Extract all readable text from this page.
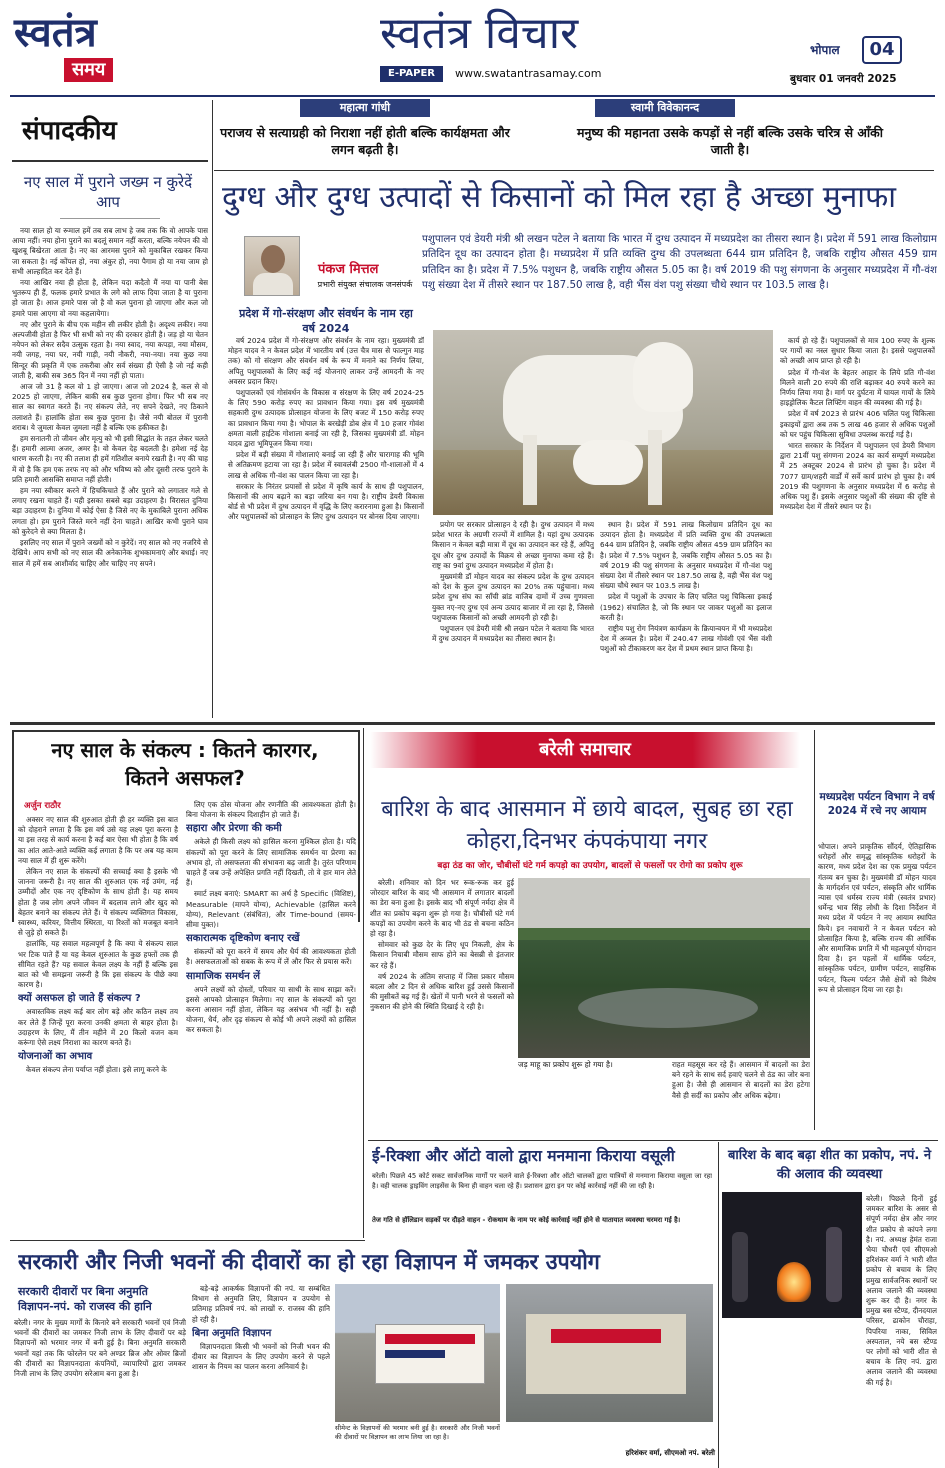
स्वतंत्र
समय
स्वतंत्र विचार
E-PAPER	www.swatantrasamay.com
भोपाल	04
बुधवार 01 जनवरी 2025
महात्मा गांधी
पराजय से सत्याग्रही को निराशा नहीं होती बल्कि कार्यक्षमता और लगन बढ़ती है।
स्वामी विवेकानन्द
मनुष्य की महानता उसके कपड़ों से नहीं बल्कि उसके चरित्र से आँकी जाती है।
संपादकीय
नए साल में पुराने जख्म न कुरेदें आप

नया साल हो या रूमाल हमें तब सब लाभ हे जब तक कि वो आपके पास आया नहीं। नया होना पुराने का बदलूं समान नहीं करता, बल्कि नयेपन की वो खुशबू बिखेरता आता है। नए का आरमस पुराने को मुकाबिल रखकर किया जा सकता है। नई कोंपल हो, नया अंकुर हो, नया पैगाम हो या नया जाम हो सभी आल्हादित कर देते हैं।

नया आखिर नया ही होता है, लेकिन यदा कदैतो मैं नया या पानी बेस भुतरूप ही हैं, फलक हमारे प्रभात के लगे को लाफ दिया जाता है या पुराना हो जाता है। आज हमारे पास जो है वो कल पुराना हो जाएगा और कल जो हमारे पास आएगा वो नया कहलायेगा।

नए और पुराने के बीच एक महीन सी लकीर होती है। अदृश्य लकीर। नया अल्पजीवी होता है फिर भी सभी को नए की दरकार होती है। जड़ हो या चेतन नयेपन को लेकर सदैव उत्सुक रहता है। नया स्वाद, नया कपड़ा, नया मौसम, नयी जगह, नया घर, नयी गाड़ी, नयी नौकरी, नया-नया। नया कुछ नया सिन्दूर की प्रकृति में एक तकरीबा और सर्व संख्या ही ऐसी है जो नई कही जाती है, बाकी सब 365 दिन में नया नहीं हो पाता।

आज जो 31 है कल वो 1 हो जाएगा। आज जो 2024 है, कल से वो 2025 हो जाएगा, लेकिन बाकी सब कुछ पुराना होगा। फिर भी सब नए साल का स्वागत करते हैं। नए संकल्प लेते, नए सपने देखते, नए ठिकाने तलाशते हैं। हालांकि होता सब कुछ पुराना है। जैसे नयी बोतल में पुरानी शराब। ये जुमला केवल जुमला नहीं है बल्कि एक हकीकत है।

हम सनातनी तो जीवन और मृत्यु को भी इसी सिद्धांत के तहत लेकर चलते हैं। हमारी आत्मा अजर, अमर है। वो केवल देह बदलती है। हमेशा नई देह धारण करती है। नए की तलाश ही हमें गतिशील बनाये रखती है। नए की चाह में वो है कि हम एक तरफ नए को और भविष्य को और दूसरी तरफ पुराने के प्रति हमारी आसक्ति समाप्त नहीं होती।

हम नया स्वीकार करने में हिचकिचाते हैं और पुराने को लगातार गले से लगाए रखना चाहते हैं। यही इसका सबसे बड़ा उदाहरण है। विरासत दुनिया बड़ा उदाहरण है। दुनिया में कोई ऐसा है जिसे नए के मुकाबिले पुराना अधिक लगता हो। हम पुराने जिस्ते मरने नहीं देना चाहते। आखिर कभी पुराने घाव को कुरेदने से क्या मिलता है।

इसलिए नए साल में पुराने जख्मों को न कुरेदें। नए साल को नए नजरिये से देखिये। आप सभी को नए साल की अनेकानेक शुभकामनाएं और बधाई। नए साल में हमें सब आशीर्वाद चाहिए और चाहिए नए सपने।

दुग्ध और दुग्ध उत्पादों से किसानों को मिल रहा है अच्छा मुनाफा
पंकज मित्तल
प्रभारी संयुक्त संचालक जनसंपर्क
पशुपालन एवं डेयरी मंत्री श्री लखन पटेल ने बताया कि भारत में दुग्ध उत्पादन में मध्यप्रदेश का तीसरा स्थान है। प्रदेश में 591 लाख किलोग्राम प्रतिदिन दूध का उत्पादन होता है। मध्यप्रदेश में प्रति व्यक्ति दुग्ध की उपलब्धता 644 ग्राम प्रतिदिन है, जबकि राष्ट्रीय औसत 459 ग्राम प्रतिदिन का है। प्रदेश में 7.5% पशुधन है, जबकि राष्ट्रीय औसत 5.05 का है। वर्ष 2019 की पशु संगणना के अनुसार मध्यप्रदेश में गौ-वंश पशु संख्या देश में तीसरे स्थान पर 187.50 लाख है, वही भैंस वंश पशु संख्या चौथे स्थान पर 103.5 लाख है।
प्रदेश में गो-संरक्षण और संवर्धन के नाम रहा वर्ष 2024

वर्ष 2024 प्रदेश में गो-संरक्षण और संवर्धन के नाम रहा। मुख्यमंत्री डॉ मोहन यादव ने न केवल प्रदेश में भारतीय वर्ष (उत्त चैत्र मास से फाल्गुन माह तक) को गो संरक्षण और संवर्धन वर्ष के रूप में मनाने का निर्णय लिया, अपितु पशुपालकों के लिए कई नई योजनाएं लाकर उन्हें आमदनी के नए अवसर प्रदान किए।

पशुपालकों एवं गोसंवर्धन के विकास व संरक्षण के लिए वर्ष 2024-25 के लिए 590 करोड़ रुपए का प्रावधान किया गया। इस वर्ष मुख्यमंत्री सहकारी दुग्ध उत्पादक प्रोत्साहन योजना के लिए बजट में 150 करोड़ रुपए का प्रावधान किया गया है। भोपाल के बरखेड़ी डोब क्षेत्र में 10 हजार गोवंश क्षमता वाली हाईटेक गोशाला बनाई जा रही है, जिसका मुख्यमंत्री डॉ. मोहन यादव द्वारा भूमिपूजन किया गया।

प्रदेश में बड़ी संख्या में गोशालाएं बनाई जा रही हैं और चारागाह की भूमि से अतिक्रमण हटाया जा रहा है। प्रदेश में स्वावलंबी 2500 गौ-शालाओं में 4 लाख से अधिक गौ-वंश का पालन किया जा रहा है।

सरकार के निरंतर प्रयासों से प्रदेश में कृषि कार्य के साथ ही पशुपालन, किसानों की आय बढ़ाने का बड़ा जरिया बन गया है। राष्ट्रीय डेयरी विकास बोर्ड से भी प्रदेश में दुग्ध उत्पादन में वृद्धि के लिए करारनामा हुआ है। किसानों और पशुपालकों को प्रोत्साहन के लिए दुग्ध उत्पादन पर बोनस दिया जाएगा।

प्रयोग पर सरकार प्रोत्साहन दे रही है। दुग्ध उत्पादन में मध्य प्रदेश भारत के अग्रणी राज्यों में शामिल है। यहां दुग्ध उत्पादक किसान न केवल बड़ी मात्रा में दूध का उत्पादन कर रहे हैं, अपितु दूध और दुग्ध उत्पादों के विक्रय से अच्छा मुनाफा कमा रहे हैं। राष्ट्र का 9वां दुग्ध उत्पादन मध्यप्रदेश में होता है।

मुख्यमंत्री डॉ मोहन यादव का संकल्प प्रदेश के दुग्ध उत्पादन को देश के कुल दुग्ध उत्पादन का 20% तक पहुंचाना। मध्य प्रदेश दुग्ध संघ का साँची ब्रांड वाजिब दामों में उच्च गुणवत्ता युक्त नए-नए दुग्ध एवं अन्य उत्पाद बाजार में ला रहा है, जिससे पशुपालक किसानों को अच्छी आमदनी हो रही है।

पशुपालन एवं डेयरी मंत्री श्री लखन पटेल ने बताया कि भारत में दुग्ध उत्पादन में मध्यप्रदेश का तीसरा स्थान है।

स्थान है। प्रदेश में 591 लाख किलोग्राम प्रतिदिन दूध का उत्पादन होता है। मध्यप्रदेश में प्रति व्यक्ति दुग्ध की उपलब्धता 644 ग्राम प्रतिदिन है, जबकि राष्ट्रीय औसत 459 ग्राम प्रतिदिन का है। प्रदेश में 7.5% पशुधन है, जबकि राष्ट्रीय औसत 5.05 का है। वर्ष 2019 की पशु संगणना के अनुसार मध्यप्रदेश में गौ-वंश पशु संख्या देश में तीसरे स्थान पर 187.50 लाख है, वही भैंस वंश पशु संख्या चौथे स्थान पर 103.5 लाख है।

प्रदेश में पशुओं के उपचार के लिए चलित पशु चिकित्सा इकाई (1962) संचालित है, जो कि स्थान पर जाकर पशुओं का इलाज करती है।

राष्ट्रीय पशु रोग नियंत्रण कार्यक्रम के क्रियान्वयन में भी मध्यप्रदेश देश में अव्वल है। प्रदेश में 240.47 लाख गोवंशी एवं भैंस वंशी पशुओं को टीकाकरण कर देश में प्रथम स्थान प्राप्त किया है।

कार्य हो रहे हैं। पशुपालकों से मात्र 100 रुपए के शुल्क पर गायों का नस्ल सुधार किया जाता है। इससे पशुपालकों को अच्छी आय प्राप्त हो रही है।

प्रदेश में गौ-वंश के बेहतर आहार के लिये प्रति गौ-वंश मिलने वाली 20 रुपये की राशि बढ़ाकर 40 रुपये करने का निर्णय लिया गया है। मार्ग पर दुर्घटना में घायल गायों के लिये हाइड्रोलिक कैटल लिफ्टिंग वाहन की व्यवस्था की गई है।

प्रदेश में वर्ष 2023 से प्रारंभ 406 चलित पशु चिकित्सा इकाइयों द्वारा अब तक 5 लाख 46 हजार से अधिक पशुओं को घर पहुंच चिकित्सा सुविधा उपलब्ध कराई गई है।

भारत सरकार के निर्देशन में पशुपालन एवं डेयरी विभाग द्वारा 21वीं पशु संगणना 2024 का कार्य सम्पूर्ण मध्यप्रदेश में 25 अक्टूबर 2024 से प्रारंभ हो चुका है। प्रदेश में 7077 ग्राम/शहरी वार्डों में सर्वे कार्य प्रारंभ हो चुका है। वर्ष 2019 की पशुगणना के अनुसार मध्यप्रदेश में 6 करोड़ से अधिक पशु हैं। इसके अनुसार पशुओं की संख्या की दृष्टि से मध्यप्रदेश देश में तीसरे स्थान पर है।

नए साल के संकल्प : कितने कारगर, कितने असफल?
अर्जुन राठौर

अक्सर नए साल की शुरुआत होती ही हर व्यक्ति इस बात को दोहराने लगता है कि इस वर्ष उसे यह लक्ष्य पूरा करना है या इस तरह से कार्य करना है कई बार ऐसा भी होता है कि वर्ष का आंत आते-आते व्यक्ति कई लगाता है कि पर अब यह काम नया साल में ही शुरू करेंगे।

लेकिन नए साल के संकल्पों की सच्चाई क्या है इसके भी जानना जरूरी है। नए साल की शुरुआत एक नई उमंग, नई उम्मीदों और एक नए दृष्टिकोण के साथ होती है। यह समय होता है जब लोग अपने जीवन में बदलाव लाने और खुद को बेहतर बनाने का संकल्प लेते हैं। ये संकल्प व्यक्तिगत विकास, स्वास्थ्य, करियर, वित्तीय स्थिरता, या रिश्तों को मजबूत बनाने से जुड़े हो सकते हैं।

हालांकि, यह सवाल महत्वपूर्ण है कि क्या ये संकल्प साल भर टिक पाते हैं या यह केवल शुरुआत के कुछ हफ्तों तक ही सीमित रहते हैं? यह सवाल केवल लक्ष्य के नहीं हैं बल्कि इस बात को भी समझना जरूरी है कि इस संकल्प के पीछे क्या कारण है।

क्यों असफल हो जाते हैं संकल्प ?

अवास्तविक लक्ष्य कई बार लोग बड़े और कठिन लक्ष्य तय कर लेते हैं जिन्हें पूरा करना उनकी क्षमता से बाहर होता है। उदाहरण के लिए, मैं तीन महीने में 20 किलो वजन कम करूंगा ऐसे लक्ष्य निराशा का कारण बनते हैं।

योजनाओं का अभाव

केवल संकल्प लेना पर्याप्त नहीं होता। इसे लागू करने के

लिए एक ठोस योजना और रणनीति की आवश्यकता होती है। बिना योजना के संकल्प दिशाहीन हो जाते हैं।

सहारा और प्रेरणा की कमी

अकेले ही किसी लक्ष्य को हासिल करना मुश्किल होता है। यदि संकल्पों को पूरा करने के लिए सामाजिक समर्थन या प्रेरणा का अभाव हो, तो असफलता की संभावना बढ़ जाती है। तुरंत परिणाम चाहते हैं जब उन्हें अपेक्षित प्रगति नहीं दिखती, तो वे हार मान लेते हैं।

स्मार्ट लक्ष्य बनाएं: SMART का अर्थ है Specific (विशिष्ट), Measurable (मापने योग्य), Achievable (हासिल करने योग्य), Relevant (संबंधित), और Time-bound (समय-सीमा युक्त)।

सकारात्मक दृष्टिकोण बनाए रखें

संकल्पों को पूरा करने में समय और धैर्य की आवश्यकता होती है। असफलताओं को सबक के रूप में लें और फिर से प्रयास करें।

सामाजिक समर्थन लें

अपने लक्ष्यों को दोस्तों, परिवार या साथी के साथ साझा करें। इससे आपको प्रोत्साहन मिलेगा। नए साल के संकल्पों को पूरा करना आसान नहीं होता, लेकिन यह असंभव भी नहीं है। सही योजना, धैर्य, और दृढ़ संकल्प से कोई भी अपने लक्ष्यों को हासिल कर सकता है।

बरेली समाचार
बारिश के बाद आसमान में छाये बादल, सुबह छा रहा कोहरा,दिनभर कंपकंपाया नगर
बढ़ा ठंड का जोर, चौबीसों घंटे गर्म कपड़ो का उपयोग, बादलों से फसलों पर रोगो का प्रकोप शुरू

बरेली। शनिवार को दिन भर रूक-रूक कर हुई जोरदार बारिश के बाद भी आसमान में लगातार बादलों का डेरा बना हुआ है। इसके बाद भी संपूर्ण नर्मदा क्षेत्र में शीत का प्रकोप बढ़ना शुरू हो गया है। चौबीसों घंटे गर्म कपड़ों का उपयोग करने के बाद भी ठंड से बचना कठिन हो रहा है।

सोमवार को कुछ देर के लिए धूप निकली, क्षेत्र के किसान निचाबी मौसम साफ होने का बेसब्री से इंतजार कर रहे हैं।

वर्ष 2024 के अंतिम सप्ताह में जिस प्रकार मौसम बदला और 2 दिन से अधिक बारिश हुई उससे किसानों की मुसीबतें बढ़ गई हैं। खेतों में पानी भरने से फसलों को नुकसान की होने की स्थिति दिखाई दे रही है।

जड़ माहू का प्रकोप शुरू हो गया है।	राहत महसूस कर रहे हैं। आसमान में बादलों का डेरा बने रहने के साथ सर्द हवाएं चलने से ठंड का जोर बना हुआ है। जैसे ही आसमान से बादलों का डेरा हटेगा वैसे ही सर्दी का प्रकोप और अधिक बढ़ेगा।
मध्यप्रदेश पर्यटन विभाग ने वर्ष 2024 में रचे नए आयाम
भोपाल। अपने प्राकृतिक सौंदर्य, ऐतिहासिक धरोहरों और समृद्ध सांस्कृतिक धरोहरों के कारण, मध्य प्रदेश देश का एक प्रमुख पर्यटन गंतव्य बन चुका है। मुख्यमंत्री डॉ मोहन यादव के मार्गदर्शन एवं पर्यटन, संस्कृति और धार्मिक न्यास एवं धर्मस्व राज्य मंत्री (स्वतंत्र प्रभार) धर्मेन्द्र भाव सिंह लोधी के दिशा निर्देशन में मध्य प्रदेश में पर्यटन ने नए आयाम स्थापित किये। इन नवाचारों ने न केवल पर्यटन को प्रोत्साहित किया है, बल्कि राज्य की आर्थिक और सामाजिक प्रगति में भी महत्वपूर्ण योगदान दिया है। इन पहलों में धार्मिक पर्यटन, सांस्कृतिक पर्यटन, ग्रामीण पर्यटन, साहसिक पर्यटन, फिल्म पर्यटन जैसे क्षेत्रों को विशेष रूप से प्रोत्साहन दिया जा रहा है।
ई-रिक्शा और ऑटो वालो द्वारा मनमाना किराया वसूली
बरेली। पिछले 45 कोर्ट सकट सार्वजनिक मार्गों पर चलने वाले ई-रिक्शा और ऑटो चालकों द्वारा यात्रियों से मनमाना किराया वसूला जा रहा है। वही चालक ड्राइविंग लाइसेंस के बिना ही वाहन चला रहे हैं। प्रशासन द्वारा इन पर कोई कार्रवाई नहीं की जा रही है।
तेज गति से हॉलिडान सड़कों पर दौड़ते वाहन - रोकथाम के नाम पर कोई कार्रवाई नहीं होने से यातायात व्यवस्था चरमरा गई है।
बारिश के बाद बढ़ा शीत का प्रकोप, नपं. ने की अलाव की व्यवस्था
बरेली। पिछले दिनों हुई जमकर बारिश के असर से संपूर्ण नर्मदा क्षेत्र और नगर शीत प्रकोप से कांपने लगा है। नपं. अध्यक्ष हेमंत राजा भैया चौधरी एवं सीएमओ हरिशंकर वर्मा ने भारी शीत प्रकोप से बचाव के लिए प्रमुख सार्वजनिक स्थानों पर अलाव जलाने की व्यवस्था शुरू कर दी है। नगर के प्रमुख बस स्टैण्ड, दीनदयाल परिसर, ढाकोन चौराहा, पिपरिया नाका, सिविल अस्पताल, नये बस स्टैण्ड पर लोगों को भारी शीत से बचाव के लिए नपं. द्वारा अलाव जलाने की व्यवस्था की गई है।
सरकारी और निजी भवनों की दीवारों का हो रहा विज्ञापन में जमकर उपयोग
सरकारी दीवारों पर बिना अनुमति विज्ञापन-नपं. को राजस्व की हानि
बरेली। नगर के मुख्य मार्गों के किनारे बने सरकारी भवनों एवं निजी भवनों की दीवारों का जमकर निजी लाभ के लिए दीवारों पर बड़े विज्ञापनों को भरमार नगर में बनी हुई है। बिना अनुमति सरकारी भवनों यहां तक कि फोरलेन पर बने अण्डर ब्रिज और ओवर ब्रिजों की दीवारों का विज्ञापनदाता कंपनियों, व्यापारियों द्वारा जमकर निजी लाभ के लिए उपयोग सरेआम बना हुआ है।

बड़े-बड़े आकर्षक विज्ञापनों की नपं. या सम्बंधित विभाग से अनुमति लिए, विज्ञापन व उपयोग से प्रतिमाह प्रतिवर्ष नपं. को लाखों रु. राजस्व की हानि हो रही है।

बिना अनुमति विज्ञापन

विज्ञापनदाता किसी भी भवनों को निजी भवन की दीवार का विज्ञापन के लिए उपयोग करने से पहले शासन के नियम का पालन करना अनिवार्य है।

सीमेन्ट के विज्ञापनों की भरमार बनी हुई है। सरकारी और निजी भवनों की दीवारों पर विज्ञापन का लाभ लिया जा रहा है।
हरिशंकर वर्मा, सीएमओ नपं. बरेली
